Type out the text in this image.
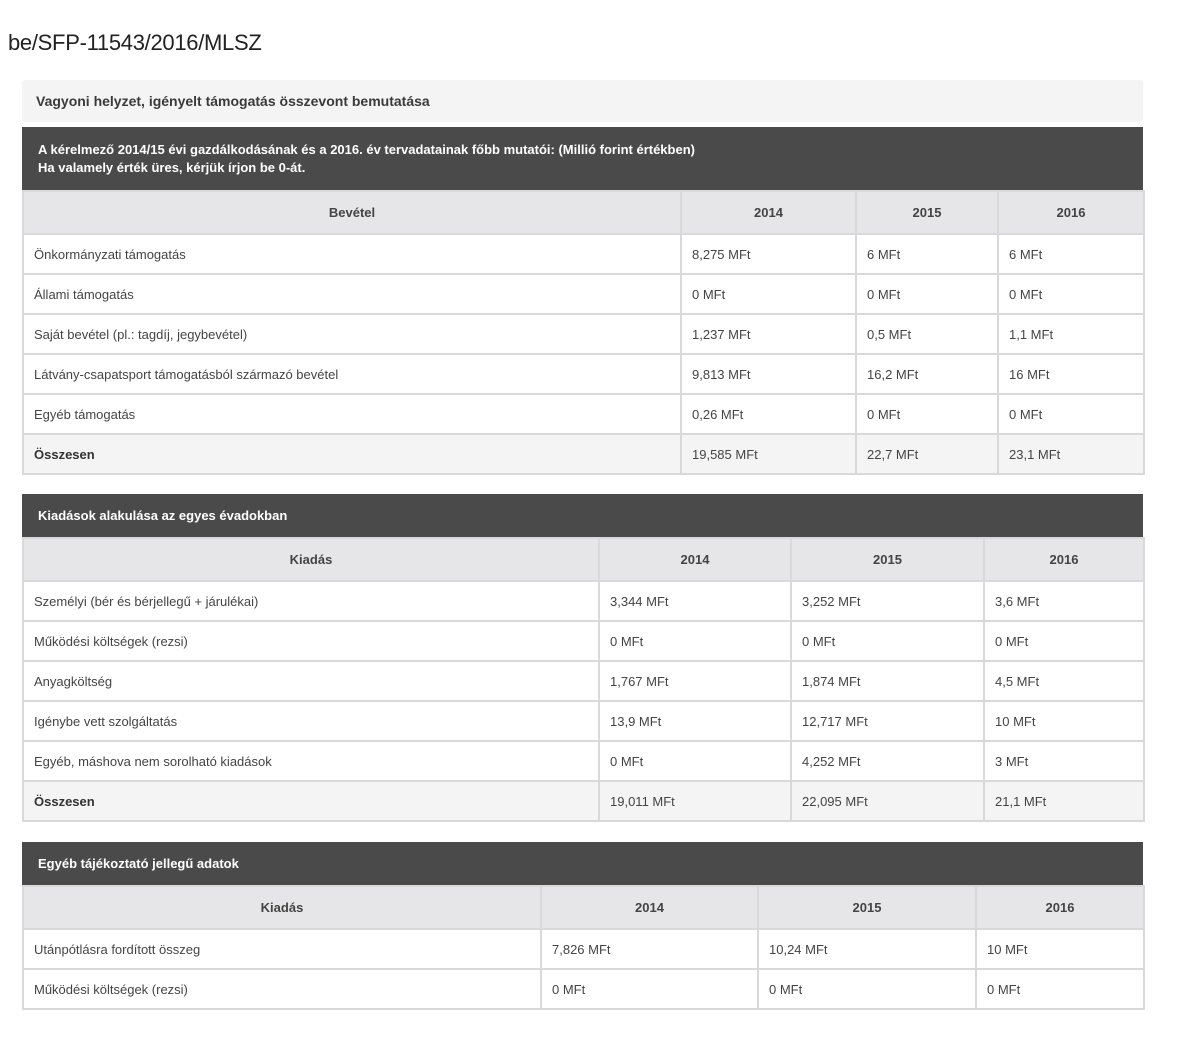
be/SFP-11543/2016/MLSZ
Vagyoni helyzet, igényelt támogatás összevont bemutatása
A kérelmező 2014/15 évi gazdálkodásának és a 2016. év tervadatainak főbb mutatói: (Millió forint értékben)
Ha valamely érték üres, kérjük írjon be 0-át.
Bevétel	2014	2015	2016
Önkormányzati támogatás	8,275 MFt	6 MFt	6 MFt
Állami támogatás	0 MFt	0 MFt	0 MFt
Saját bevétel (pl.: tagdíj, jegybevétel)	1,237 MFt	0,5 MFt	1,1 MFt
Látvány-csapatsport támogatásból származó bevétel	9,813 MFt	16,2 MFt	16 MFt
Egyéb támogatás	0,26 MFt	0 MFt	0 MFt
Összesen	19,585 MFt	22,7 MFt	23,1 MFt
Kiadások alakulása az egyes évadokban
Kiadás	2014	2015	2016
Személyi (bér és bérjellegű + járulékai)	3,344 MFt	3,252 MFt	3,6 MFt
Működési költségek (rezsi)	0 MFt	0 MFt	0 MFt
Anyagköltség	1,767 MFt	1,874 MFt	4,5 MFt
Igénybe vett szolgáltatás	13,9 MFt	12,717 MFt	10 MFt
Egyéb, máshova nem sorolható kiadások	0 MFt	4,252 MFt	3 MFt
Összesen	19,011 MFt	22,095 MFt	21,1 MFt
Egyéb tájékoztató jellegű adatok
Kiadás	2014	2015	2016
Utánpótlásra fordított összeg	7,826 MFt	10,24 MFt	10 MFt
Működési költségek (rezsi)	0 MFt	0 MFt	0 MFt
